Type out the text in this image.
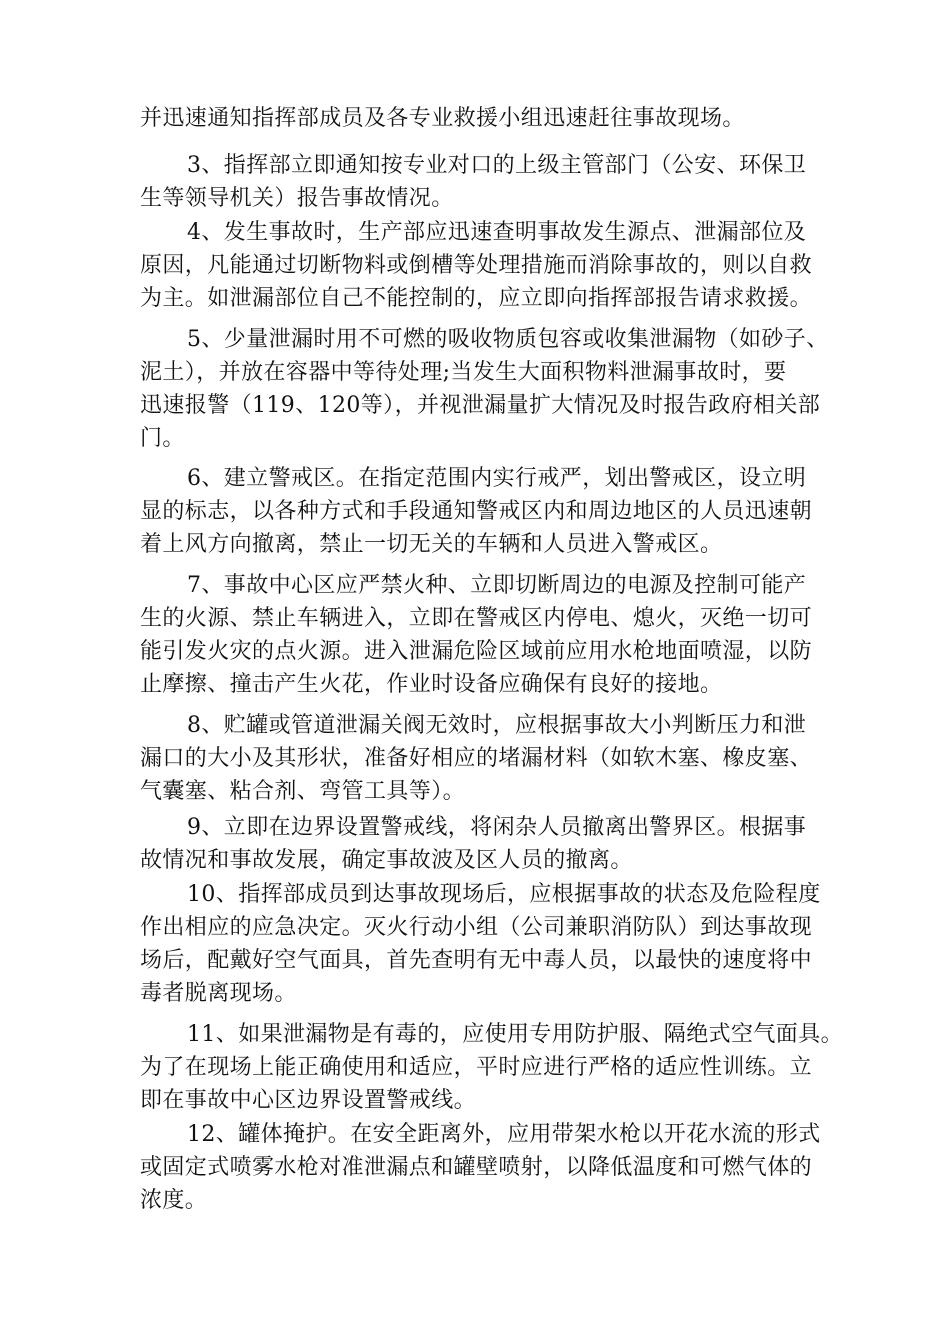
并迅速通知指挥部成员及各专业救援小组迅速赶往事故现场。
3、指挥部立即通知按专业对口的上级主管部门（公安、环保卫
生等领导机关）报告事故情况。
4、发生事故时，生产部应迅速查明事故发生源点、泄漏部位及
原因，凡能通过切断物料或倒槽等处理措施而消除事故的，则以自救
为主。如泄漏部位自己不能控制的，应立即向指挥部报告请求救援。
5、少量泄漏时用不可燃的吸收物质包容或收集泄漏物（如砂子、
泥土），并放在容器中等待处理;当发生大面积物料泄漏事故时，要
迅速报警（119、120等），并视泄漏量扩大情况及时报告政府相关部
门。
6、建立警戒区。在指定范围内实行戒严，划出警戒区，设立明
显的标志，以各种方式和手段通知警戒区内和周边地区的人员迅速朝
着上风方向撤离，禁止一切无关的车辆和人员进入警戒区。
7、事故中心区应严禁火种、立即切断周边的电源及控制可能产
生的火源、禁止车辆进入，立即在警戒区内停电、熄火，灭绝一切可
能引发火灾的点火源。进入泄漏危险区域前应用水枪地面喷湿，以防
止摩擦、撞击产生火花，作业时设备应确保有良好的接地。
8、贮罐或管道泄漏关阀无效时，应根据事故大小判断压力和泄
漏口的大小及其形状，准备好相应的堵漏材料（如软木塞、橡皮塞、
气囊塞、粘合剂、弯管工具等）。
9、立即在边界设置警戒线，将闲杂人员撤离出警界区。根据事
故情况和事故发展，确定事故波及区人员的撤离。
10、指挥部成员到达事故现场后，应根据事故的状态及危险程度
作出相应的应急决定。灭火行动小组（公司兼职消防队）到达事故现
场后，配戴好空气面具，首先查明有无中毒人员，以最快的速度将中
毒者脱离现场。
11、如果泄漏物是有毒的，应使用专用防护服、隔绝式空气面具。
为了在现场上能正确使用和适应，平时应进行严格的适应性训练。立
即在事故中心区边界设置警戒线。
12、罐体掩护。在安全距离外，应用带架水枪以开花水流的形式
或固定式喷雾水枪对准泄漏点和罐壁喷射，以降低温度和可燃气体的
浓度。
